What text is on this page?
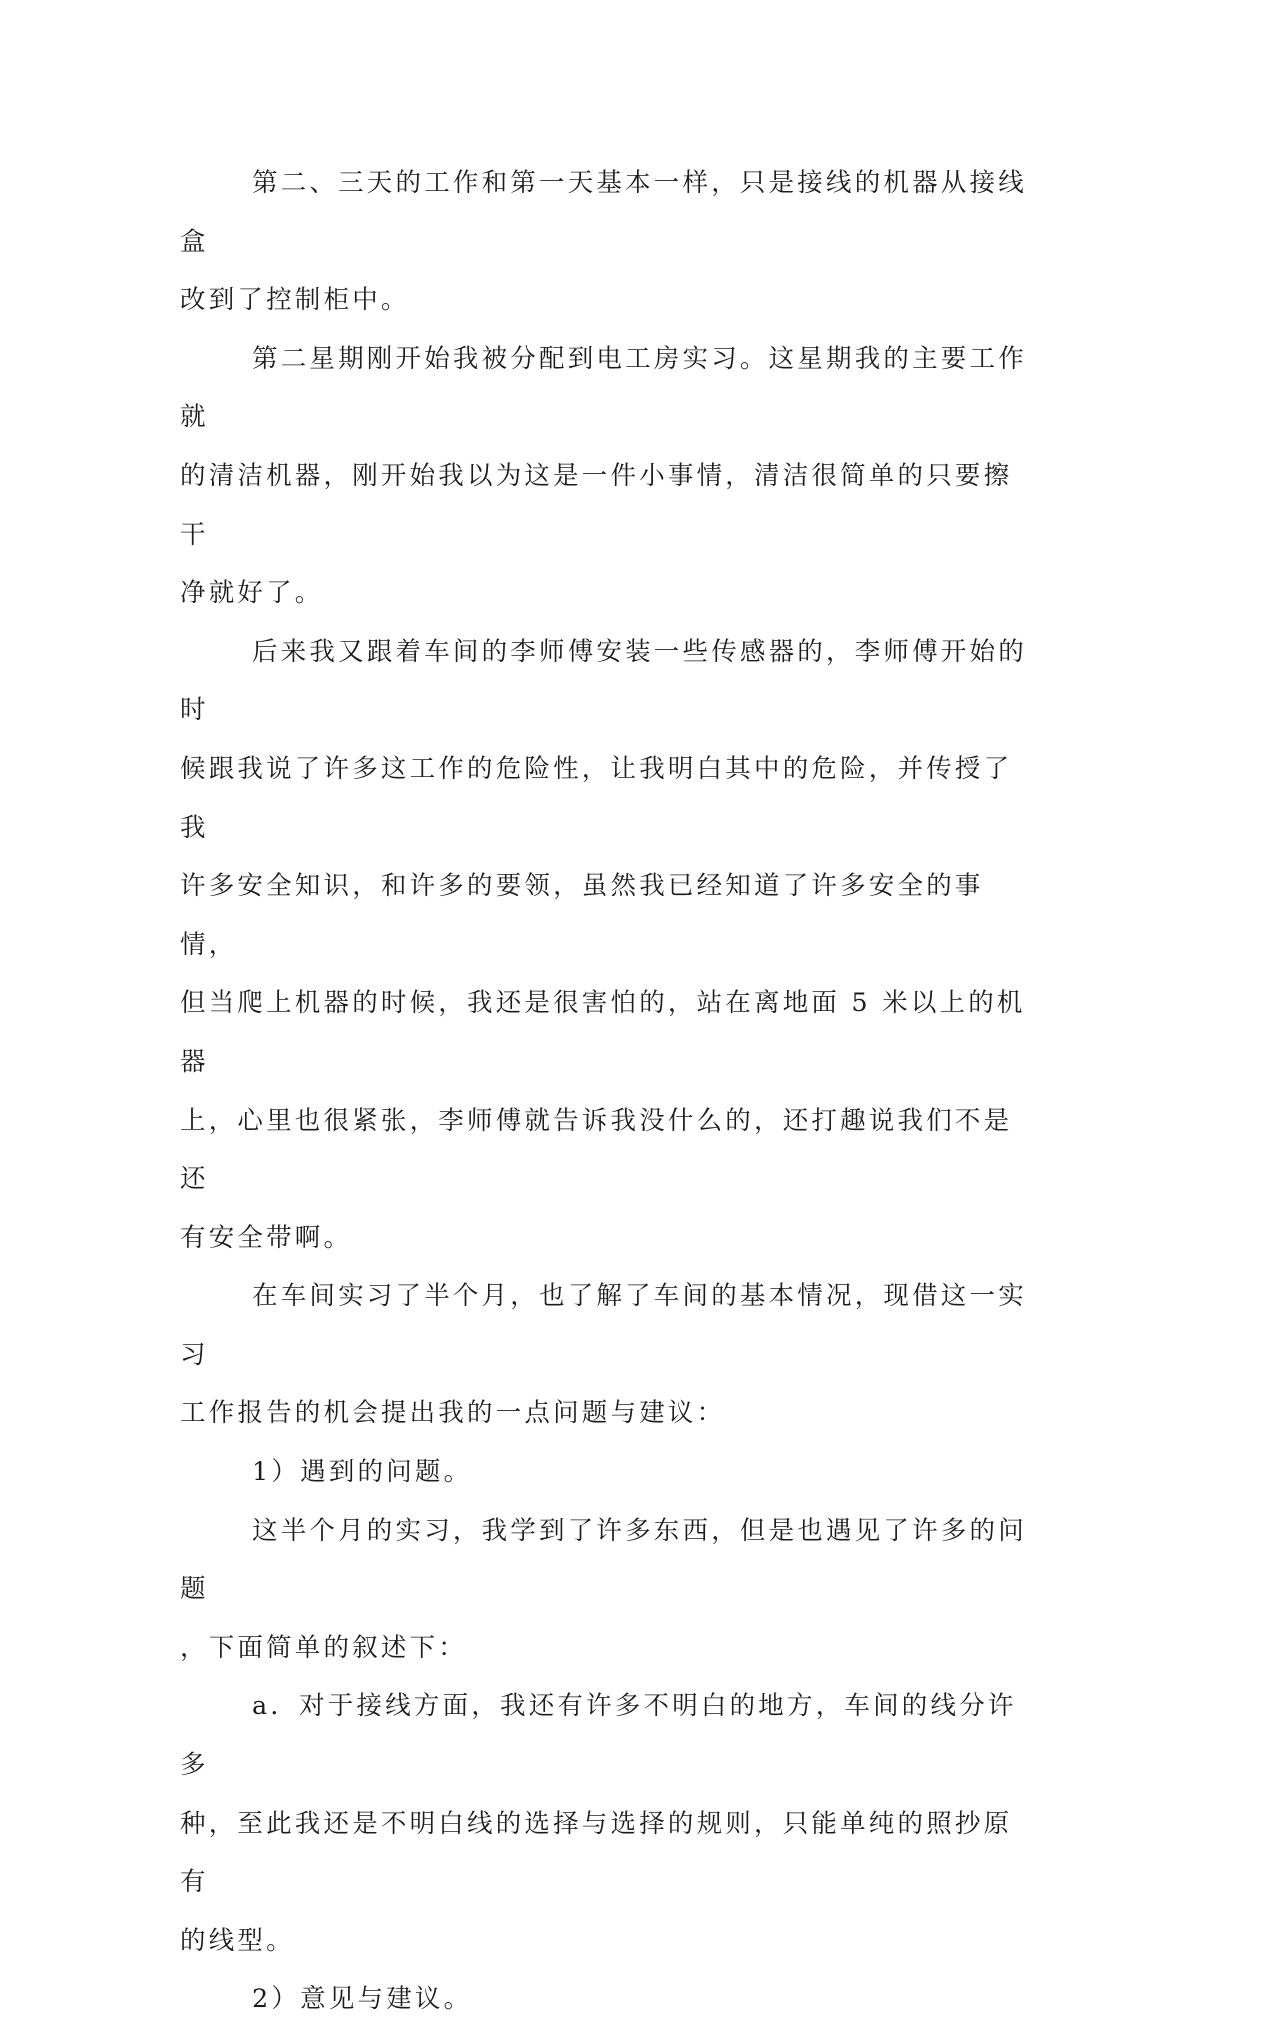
第二、三天的工作和第一天基本一样，只是接线的机器从接线盒
改到了控制柜中。

第二星期刚开始我被分配到电工房实习。这星期我的主要工作就
的清洁机器，刚开始我以为这是一件小事情，清洁很简单的只要擦干
净就好了。

后来我又跟着车间的李师傅安装一些传感器的，李师傅开始的时
候跟我说了许多这工作的危险性，让我明白其中的危险，并传授了我
许多安全知识，和许多的要领，虽然我已经知道了许多安全的事情，
但当爬上机器的时候，我还是很害怕的，站在离地面 5 米以上的机器
上，心里也很紧张，李师傅就告诉我没什么的，还打趣说我们不是还
有安全带啊。

在车间实习了半个月，也了解了车间的基本情况，现借这一实习
工作报告的机会提出我的一点问题与建议：

1）遇到的问题。

这半个月的实习，我学到了许多东西，但是也遇见了许多的问题
，下面简单的叙述下：

a．对于接线方面，我还有许多不明白的地方，车间的线分许多
种，至此我还是不明白线的选择与选择的规则，只能单纯的照抄原有
的线型。

2）意见与建议。
